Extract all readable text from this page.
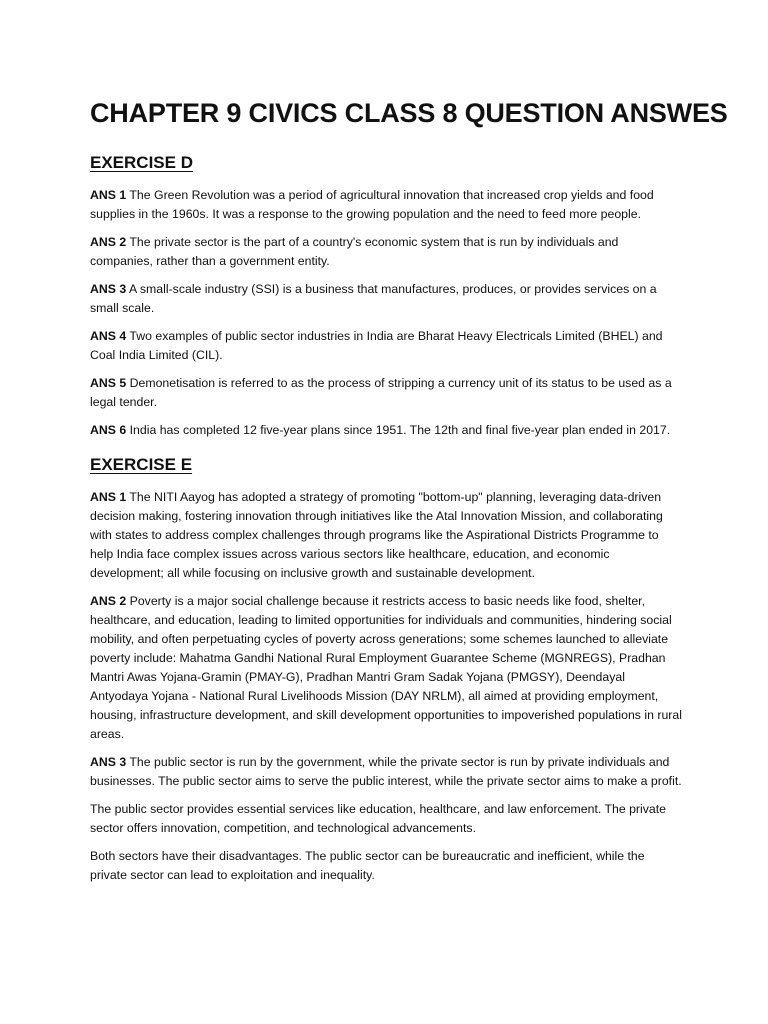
CHAPTER 9 CIVICS CLASS 8 QUESTION ANSWES
EXERCISE D

ANS 1 The Green Revolution was a period of agricultural innovation that increased crop yields and food supplies in the 1960s. It was a response to the growing population and the need to feed more people.

ANS 2 The private sector is the part of a country's economic system that is run by individuals and companies, rather than a government entity.

ANS 3 A small-scale industry (SSI) is a business that manufactures, produces, or provides services on a small scale.

ANS 4 Two examples of public sector industries in India are Bharat Heavy Electricals Limited (BHEL) and Coal India Limited (CIL).

ANS 5 Demonetisation is referred to as the process of stripping a currency unit of its status to be used as a legal tender.

ANS 6 India has completed 12 five-year plans since 1951. The 12th and final five-year plan ended in 2017.

EXERCISE E

ANS 1 The NITI Aayog has adopted a strategy of promoting "bottom-up" planning, leveraging data-driven decision making, fostering innovation through initiatives like the Atal Innovation Mission, and collaborating with states to address complex challenges through programs like the Aspirational Districts Programme to help India face complex issues across various sectors like healthcare, education, and economic development; all while focusing on inclusive growth and sustainable development.

ANS 2 Poverty is a major social challenge because it restricts access to basic needs like food, shelter, healthcare, and education, leading to limited opportunities for individuals and communities, hindering social mobility, and often perpetuating cycles of poverty across generations; some schemes launched to alleviate poverty include: Mahatma Gandhi National Rural Employment Guarantee Scheme (MGNREGS), Pradhan Mantri Awas Yojana-Gramin (PMAY-G), Pradhan Mantri Gram Sadak Yojana (PMGSY), Deendayal Antyodaya Yojana - National Rural Livelihoods Mission (DAY NRLM), all aimed at providing employment, housing, infrastructure development, and skill development opportunities to impoverished populations in rural areas.

ANS 3 The public sector is run by the government, while the private sector is run by private individuals and businesses. The public sector aims to serve the public interest, while the private sector aims to make a profit.

The public sector provides essential services like education, healthcare, and law enforcement. The private sector offers innovation, competition, and technological advancements.

Both sectors have their disadvantages. The public sector can be bureaucratic and inefficient, while the private sector can lead to exploitation and inequality.
